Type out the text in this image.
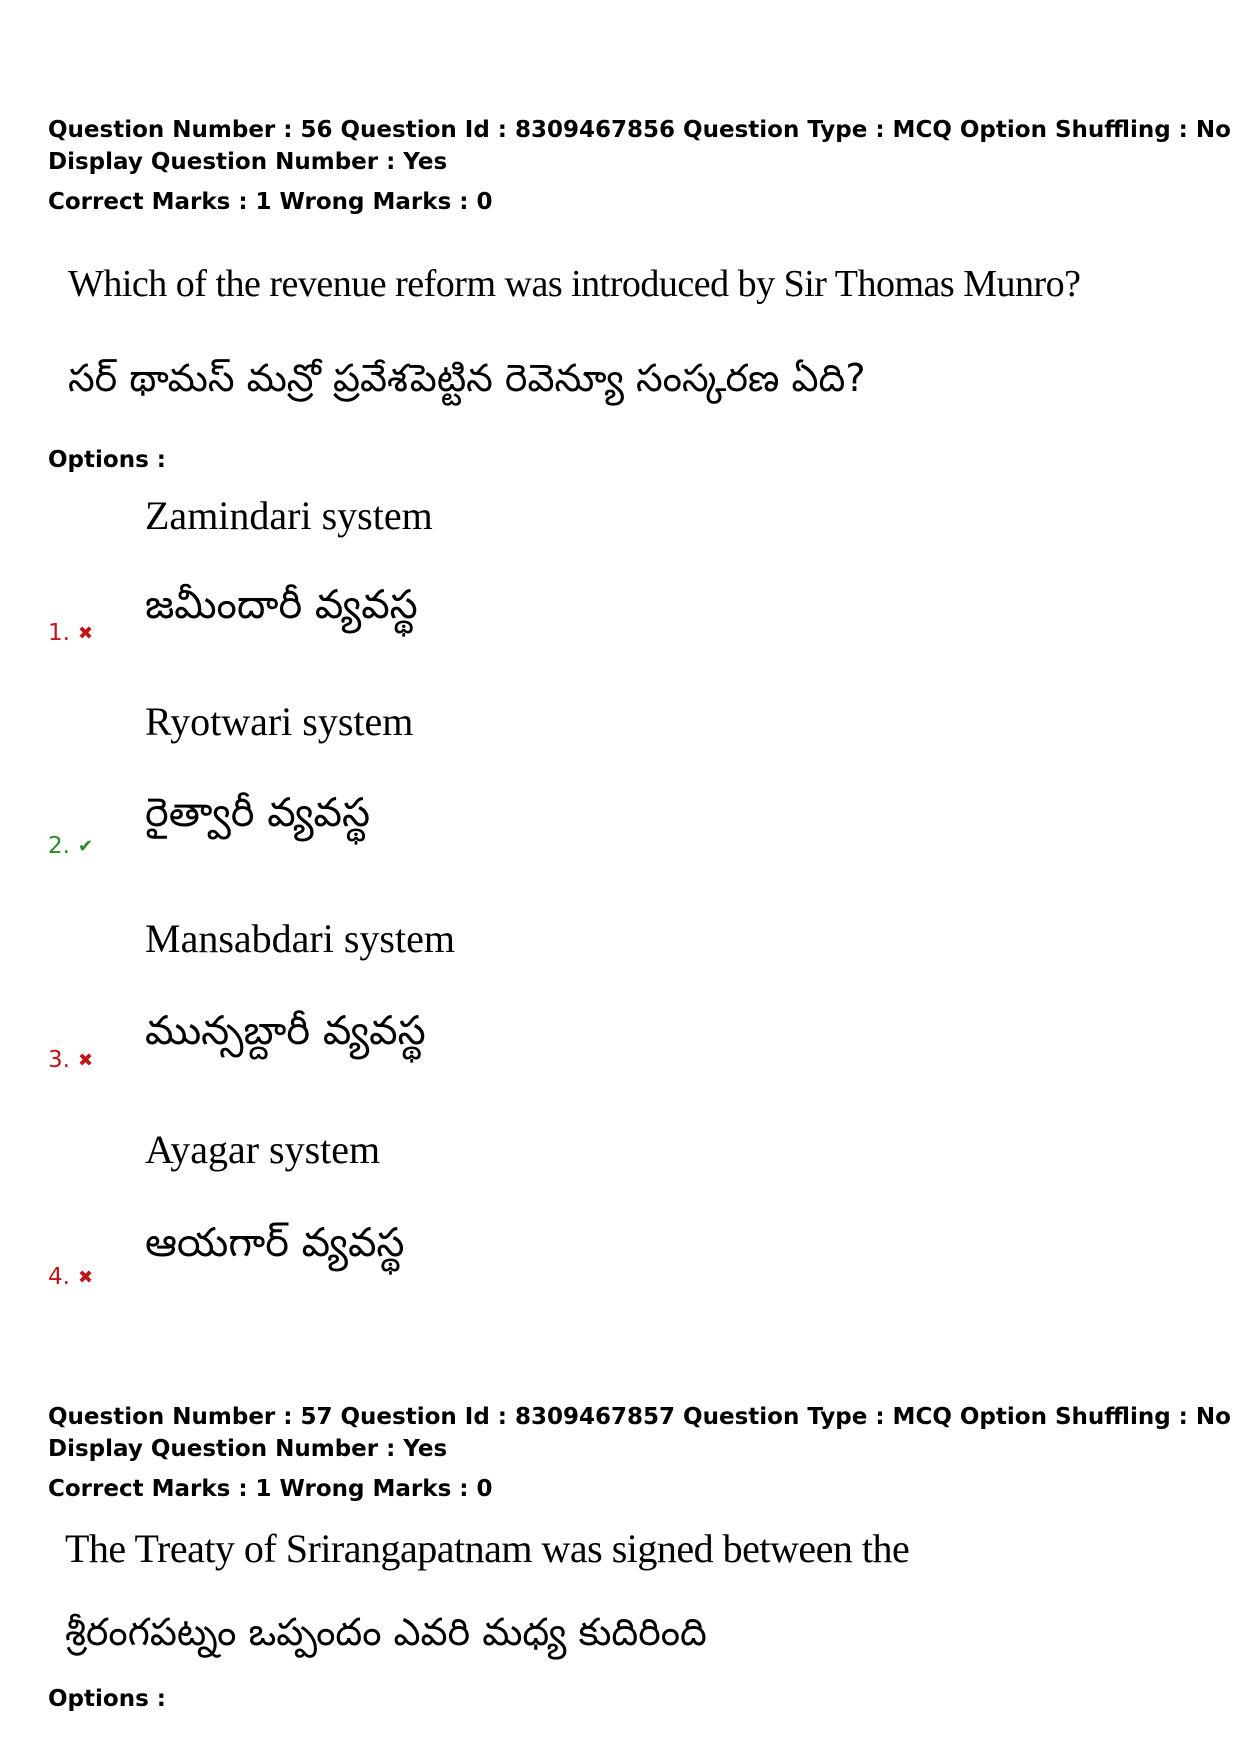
Question Number : 56 Question Id : 8309467856 Question Type : MCQ Option Shuffling : No
Display Question Number : Yes
Correct Marks : 1 Wrong Marks : 0
Which of the revenue reform was introduced by Sir Thomas Munro?
సర్ థామస్ మన్రో ప్రవేశపెట్టిన రెవెన్యూ సంస్కరణ ఏది?
Options :
Zamindari system
జమీందారీ వ్యవస్థ
1. ✖
Ryotwari system
రైత్వారీ వ్యవస్థ
2. ✔
Mansabdari system
మున్సబ్దారీ వ్యవస్థ
3. ✖
Ayagar system
ఆయగార్ వ్యవస్థ
4. ✖
Question Number : 57 Question Id : 8309467857 Question Type : MCQ Option Shuffling : No
Display Question Number : Yes
Correct Marks : 1 Wrong Marks : 0
The Treaty of Srirangapatnam was signed between the
శ్రీరంగపట్నం ఒప్పందం ఎవరి మధ్య కుదిరింది
Options :
